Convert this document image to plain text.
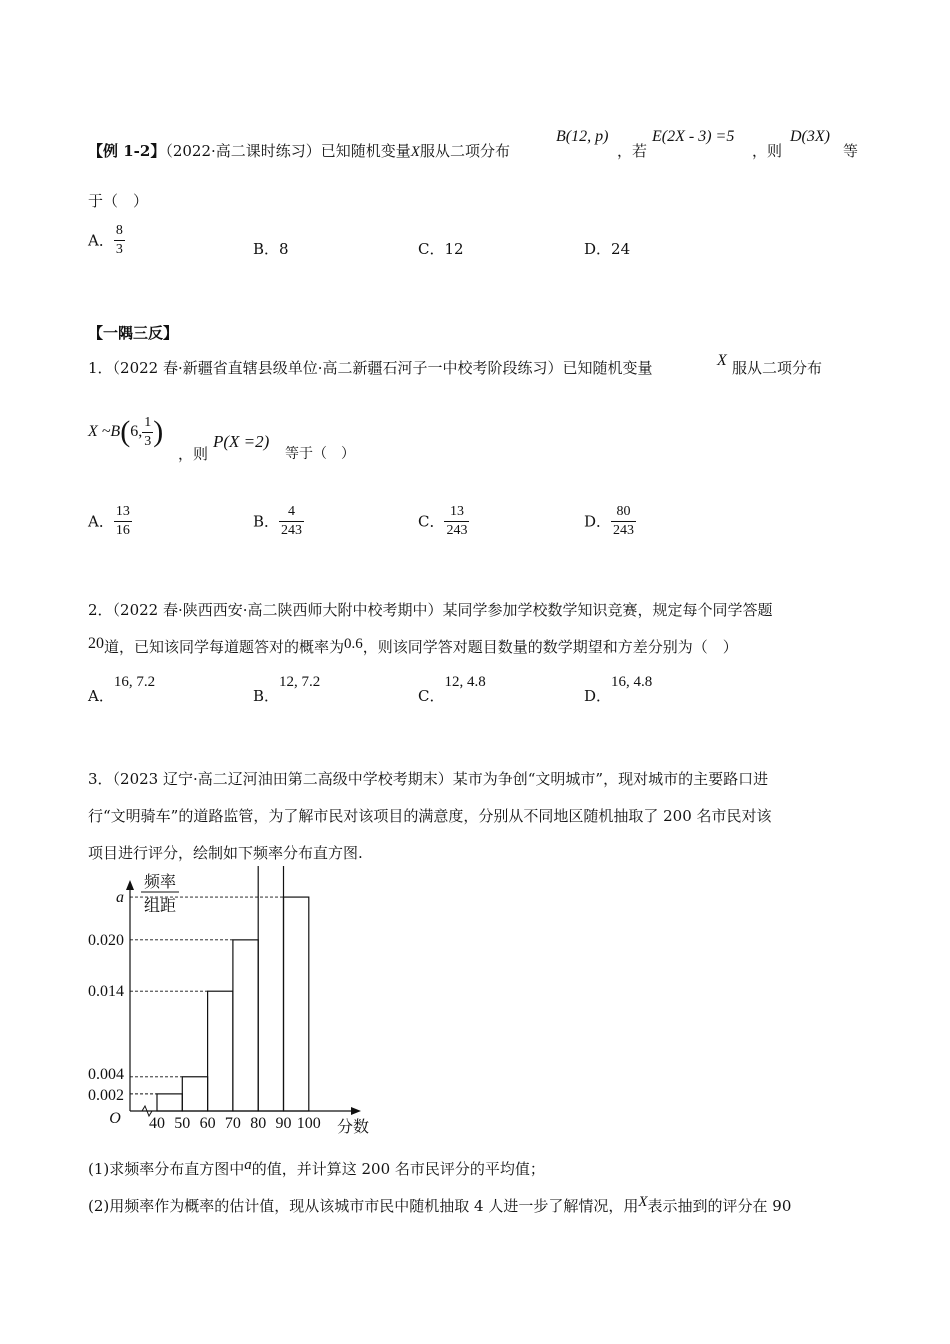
【例 1-2】（2022·高二课时练习）已知随机变量X服从二项分布
B(12, p)
，若
E(2X - 3) =5
，则
D(3X)
等
于（　）
A． $\frac{8}{3}$	B．8	C．12	D．24
【一隅三反】
1．（2022 春·新疆省直辖县级单位·高二新疆石河子一中校考阶段练习）已知随机变量	X 服从二项分布
X ~B(6, $\frac{1}{3}$ )
，则
P(X =2)
等于（　）
A． $\frac{13}{16}$	B． $\frac{4}{243}$	C． $\frac{13}{243}$	D． $\frac{80}{243}$
2．（2022 春·陕西西安·高二陕西师大附中校考期中）某同学参加学校数学知识竞赛，规定每个同学答题
20道，已知该同学每道题答对的概率为0.6，则该同学答对题目数量的数学期望和方差分别为（　）
A．16, 7.2
B．12, 7.2
C．12, 4.8
D．16, 4.8
3．（2023 辽宁·高二辽河油田第二高级中学校考期末）某市为争创“文明城市”，现对城市的主要路口进
行“文明骑车”的道路监管，为了解市民对该项目的满意度，分别从不同地区随机抽取了 200 名市民对该
项目进行评分，绘制如下频率分布直方图.
0.002
0.004
0.014
0.020
a
40 50 60 70 80 90 100
O
分数
频率
组距
(1)求频率分布直方图中a的值，并计算这 200 名市民评分的平均值；
(2)用频率作为概率的估计值，现从该城市市民中随机抽取 4 人进一步了解情况，用X表示抽到的评分在 90
